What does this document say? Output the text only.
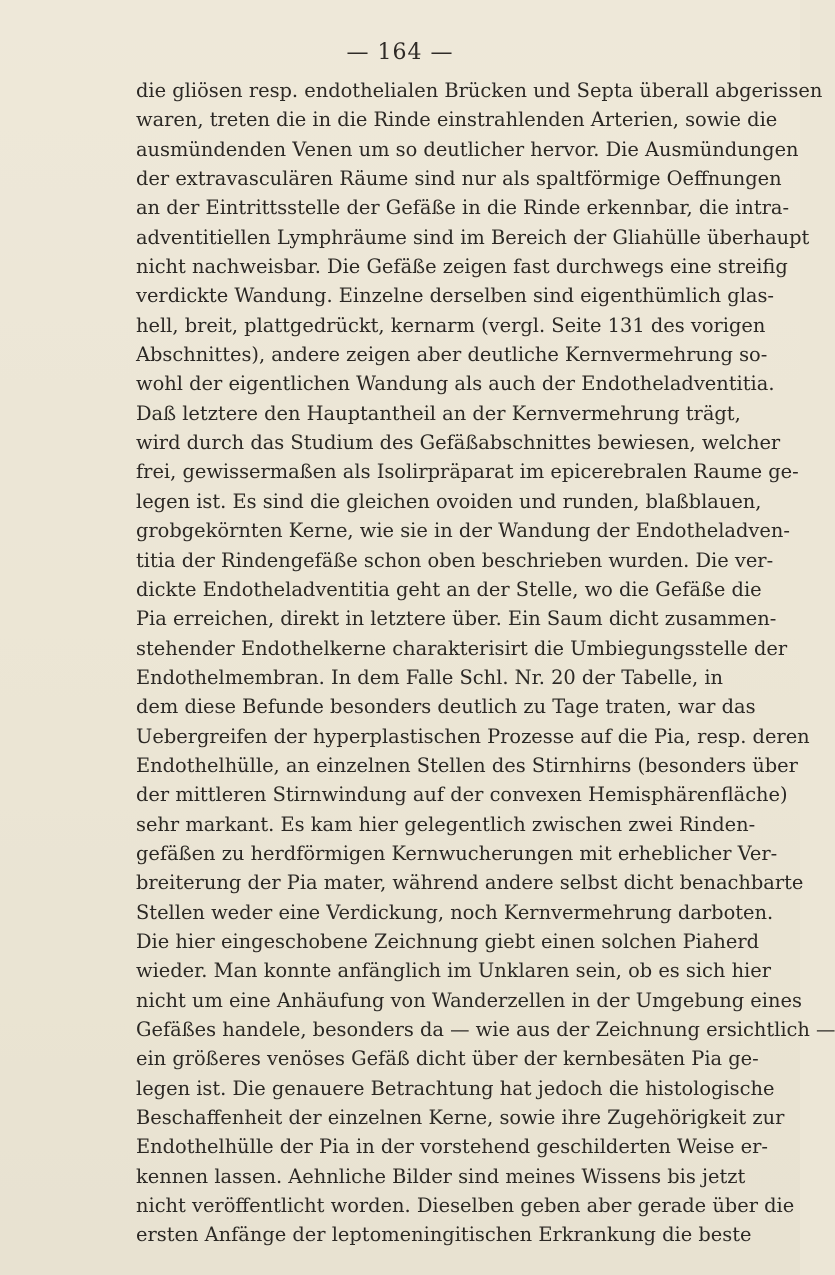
— 164 —
die gliösen resp. endothelialen Brücken und Septa überall abgerissen
waren, treten die in die Rinde einstrahlenden Arterien, sowie die
ausmündenden Venen um so deutlicher hervor. Die Ausmündungen
der extravasculären Räume sind nur als spaltförmige Oeffnungen
an der Eintrittsstelle der Gefäße in die Rinde erkennbar, die intra-
adventitiellen Lymphräume sind im Bereich der Gliahülle überhaupt
nicht nachweisbar. Die Gefäße zeigen fast durchwegs eine streifig
verdickte Wandung. Einzelne derselben sind eigenthümlich glas-
hell, breit, plattgedrückt, kernarm (vergl. Seite 131 des vorigen
Abschnittes), andere zeigen aber deutliche Kernvermehrung so-
wohl der eigentlichen Wandung als auch der Endotheladventitia.
Daß letztere den Hauptantheil an der Kernvermehrung trägt,
wird durch das Studium des Gefäßabschnittes bewiesen, welcher
frei, gewissermaßen als Isolirpräparat im epicerebralen Raume ge-
legen ist. Es sind die gleichen ovoiden und runden, blaßblauen,
grobgekörnten Kerne, wie sie in der Wandung der Endotheladven-
titia der Rindengefäße schon oben beschrieben wurden. Die ver-
dickte Endotheladventitia geht an der Stelle, wo die Gefäße die
Pia erreichen, direkt in letztere über. Ein Saum dicht zusammen-
stehender Endothelkerne charakterisirt die Umbiegungsstelle der
Endothelmembran. In dem Falle Schl. Nr. 20 der Tabelle, in
dem diese Befunde besonders deutlich zu Tage traten, war das
Uebergreifen der hyperplastischen Prozesse auf die Pia, resp. deren
Endothelhülle, an einzelnen Stellen des Stirnhirns (besonders über
der mittleren Stirnwindung auf der convexen Hemisphärenfläche)
sehr markant. Es kam hier gelegentlich zwischen zwei Rinden-
gefäßen zu herdförmigen Kernwucherungen mit erheblicher Ver-
breiterung der Pia mater, während andere selbst dicht benachbarte
Stellen weder eine Verdickung, noch Kernvermehrung darboten.
Die hier eingeschobene Zeichnung giebt einen solchen Piaherd
wieder. Man konnte anfänglich im Unklaren sein, ob es sich hier
nicht um eine Anhäufung von Wanderzellen in der Umgebung eines
Gefäßes handele, besonders da — wie aus der Zeichnung ersichtlich —
ein größeres venöses Gefäß dicht über der kernbesäten Pia ge-
legen ist. Die genauere Betrachtung hat jedoch die histologische
Beschaffenheit der einzelnen Kerne, sowie ihre Zugehörigkeit zur
Endothelhülle der Pia in der vorstehend geschilderten Weise er-
kennen lassen. Aehnliche Bilder sind meines Wissens bis jetzt
nicht veröffentlicht worden. Dieselben geben aber gerade über die
ersten Anfänge der leptomeningitischen Erkrankung die beste
